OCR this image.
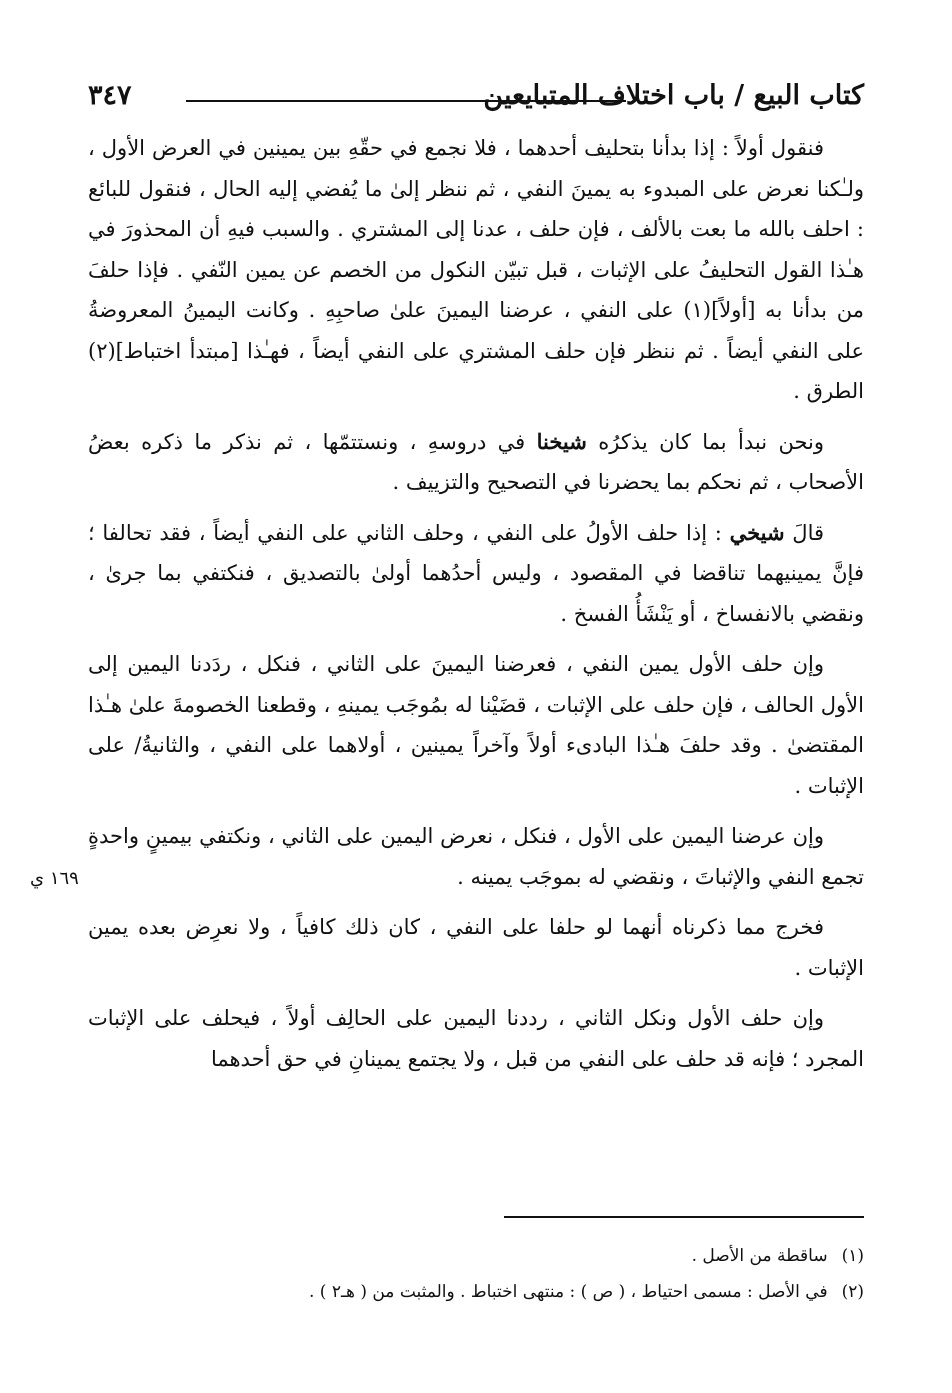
كتاب البيع / باب اختلاف المتبايعين
٣٤٧

فنقول أولاً : إذا بدأنا بتحليف أحدهما ، فلا نجمع في حقّهِ بين يمينين في العرض الأول ، ولـٰكنا نعرض على المبدوء به يمينَ النفي ، ثم ننظر إلىٰ ما يُفضي إليه الحال ، فنقول للبائع : احلف بالله ما بعت بالألف ، فإن حلف ، عدنا إلى المشتري . والسبب فيهِ أن المحذورَ في هـٰذا القول التحليفُ على الإثبات ، قبل تبيّن النكول من الخصم عن يمين النّفي . فإذا حلفَ من بدأنا به [أولاً](١) على النفي ، عرضنا اليمينَ علىٰ صاحبِهِ . وكانت اليمينُ المعروضةُ على النفي أيضاً . ثم ننظر فإن حلف المشتري على النفي أيضاً ، فهـٰذا [مبتدأ اختباط](٢) الطرق .

ونحن نبدأ بما كان يذكرُه شيخنا في دروسهِ ، ونستتمّها ، ثم نذكر ما ذكره بعضُ الأصحاب ، ثم نحكم بما يحضرنا في التصحيح والتزييف .

قالَ شيخي : إذا حلف الأولُ على النفي ، وحلف الثاني على النفي أيضاً ، فقد تحالفا ؛ فإنَّ يمينيهما تناقضا في المقصود ، وليس أحدُهما أولىٰ بالتصديق ، فنكتفي بما جرىٰ ، ونقضي بالانفساخ ، أو يَنْشَأُ الفسخ .

وإن حلف الأول يمين النفي ، فعرضنا اليمينَ على الثاني ، فنكل ، ردَدنا اليمين إلى الأول الحالف ، فإن حلف على الإثبات ، قضَيْنا له بمُوجَب يمينهِ ، وقطعنا الخصومةَ علىٰ هـٰذا المقتضىٰ . وقد حلفَ هـٰذا البادىء أولاً وآخراً يمينين ، أولاهما على النفي ، والثانيةُ/ على الإثبات .

وإن عرضنا اليمين على الأول ، فنكل ، نعرض اليمين على الثاني ، ونكتفي بيمينٍ واحدةٍ تجمع النفي والإثباتَ ، ونقضي له بموجَب يمينه .

فخرج مما ذكرناه أنهما لو حلفا على النفي ، كان ذلك كافياً ، ولا نعرِض بعده يمين الإثبات .

وإن حلف الأول ونكل الثاني ، رددنا اليمين على الحالِف أولاً ، فيحلف على الإثبات المجرد ؛ فإنه قد حلف على النفي من قبل ، ولا يجتمع يمينانِ في حق أحدهما

١٦٩ ي

(١)ساقطة من الأصل .

(٢)في الأصل : مسمى احتياط ، ( ص ) : منتهى اختباط . والمثبت من ( هـ٢ ) .
